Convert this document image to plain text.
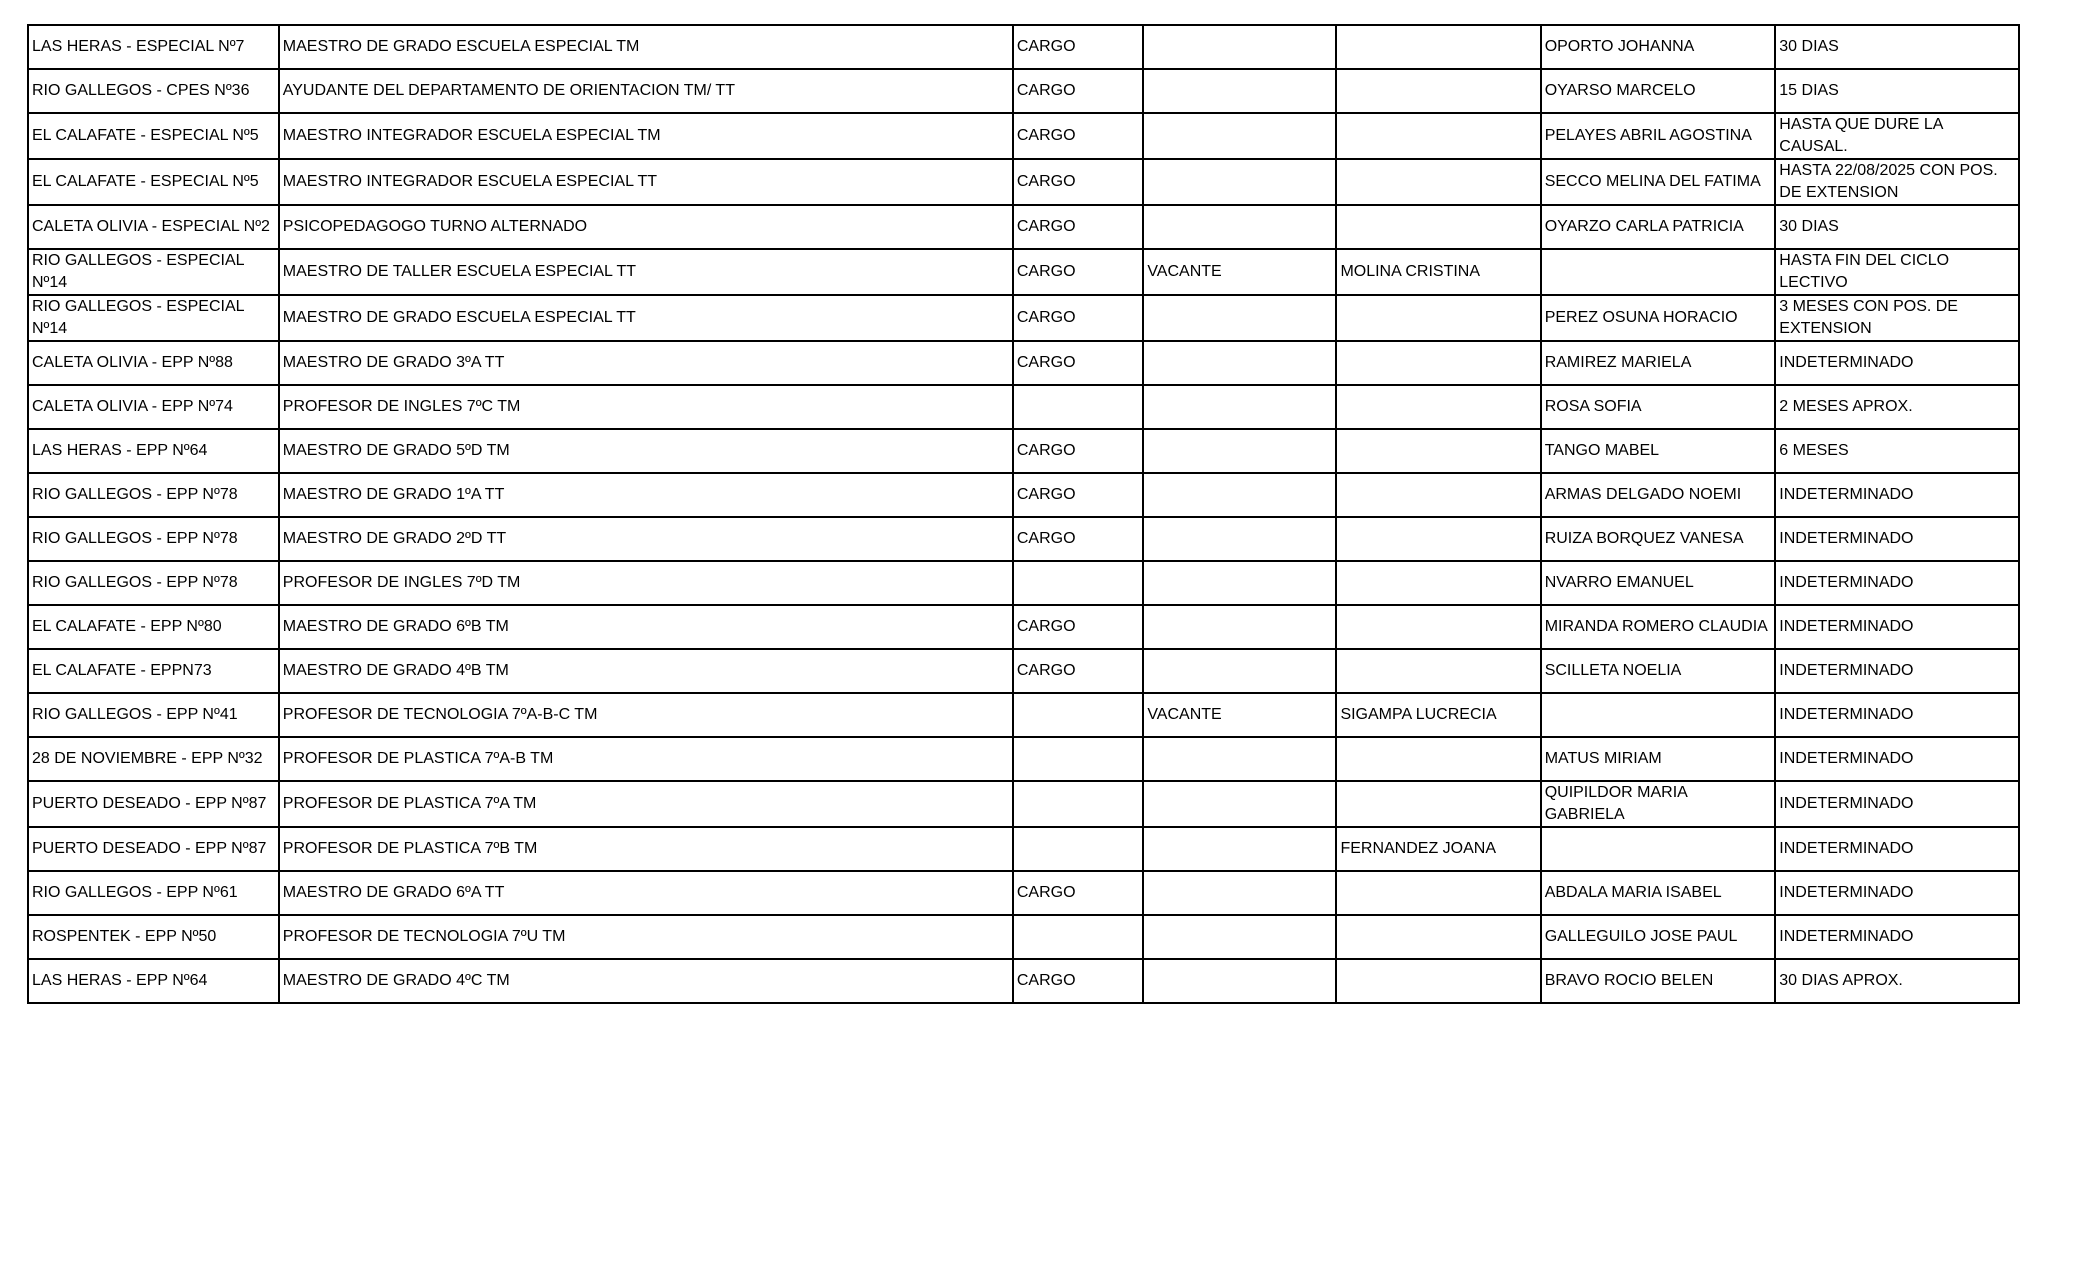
LAS HERAS - ESPECIAL Nº7	MAESTRO DE GRADO ESCUELA ESPECIAL TM	CARGO			OPORTO JOHANNA	30 DIAS
RIO GALLEGOS - CPES Nº36	AYUDANTE DEL DEPARTAMENTO DE ORIENTACION TM/ TT	CARGO			OYARSO MARCELO	15 DIAS
EL CALAFATE - ESPECIAL Nº5	MAESTRO INTEGRADOR ESCUELA ESPECIAL TM	CARGO			PELAYES ABRIL AGOSTINA	HASTA QUE DURE LA CAUSAL.
EL CALAFATE - ESPECIAL Nº5	MAESTRO INTEGRADOR ESCUELA ESPECIAL TT	CARGO			SECCO MELINA DEL FATIMA	HASTA 22/08/2025 CON POS. DE EXTENSION
CALETA OLIVIA - ESPECIAL Nº2	PSICOPEDAGOGO TURNO ALTERNADO	CARGO			OYARZO CARLA PATRICIA	30 DIAS
RIO GALLEGOS - ESPECIAL Nº14	MAESTRO DE TALLER ESCUELA ESPECIAL TT	CARGO	VACANTE	MOLINA CRISTINA		HASTA FIN DEL CICLO LECTIVO
RIO GALLEGOS - ESPECIAL Nº14	MAESTRO DE GRADO ESCUELA ESPECIAL TT	CARGO			PEREZ OSUNA HORACIO	3 MESES CON POS. DE EXTENSION
CALETA OLIVIA - EPP Nº88	MAESTRO DE GRADO 3ºA TT	CARGO			RAMIREZ MARIELA	INDETERMINADO
CALETA OLIVIA - EPP Nº74	PROFESOR DE INGLES 7ºC TM				ROSA SOFIA	2 MESES APROX.
LAS HERAS - EPP Nº64	MAESTRO DE GRADO 5ºD TM	CARGO			TANGO MABEL	6 MESES
RIO GALLEGOS - EPP Nº78	MAESTRO DE GRADO 1ºA TT	CARGO			ARMAS DELGADO NOEMI	INDETERMINADO
RIO GALLEGOS - EPP Nº78	MAESTRO DE GRADO 2ºD TT	CARGO			RUIZA BORQUEZ VANESA	INDETERMINADO
RIO GALLEGOS - EPP Nº78	PROFESOR DE INGLES 7ºD TM				NVARRO EMANUEL	INDETERMINADO
EL CALAFATE - EPP Nº80	MAESTRO DE GRADO 6ºB TM	CARGO			MIRANDA ROMERO CLAUDIA	INDETERMINADO
EL CALAFATE - EPPN73	MAESTRO DE GRADO 4ºB TM	CARGO			SCILLETA NOELIA	INDETERMINADO
RIO GALLEGOS - EPP Nº41	PROFESOR DE TECNOLOGIA 7ºA-B-C TM		VACANTE	SIGAMPA LUCRECIA		INDETERMINADO
28 DE NOVIEMBRE - EPP Nº32	PROFESOR DE PLASTICA 7ºA-B TM				MATUS MIRIAM	INDETERMINADO
PUERTO DESEADO - EPP Nº87	PROFESOR DE PLASTICA 7ºA TM				QUIPILDOR MARIA GABRIELA	INDETERMINADO
PUERTO DESEADO - EPP Nº87	PROFESOR DE PLASTICA 7ºB TM			FERNANDEZ JOANA		INDETERMINADO
RIO GALLEGOS - EPP Nº61	MAESTRO DE GRADO 6ºA TT	CARGO			ABDALA MARIA ISABEL	INDETERMINADO
ROSPENTEK - EPP Nº50	PROFESOR DE TECNOLOGIA 7ºU TM				GALLEGUILO JOSE PAUL	INDETERMINADO
LAS HERAS - EPP Nº64	MAESTRO DE GRADO 4ºC TM	CARGO			BRAVO ROCIO BELEN	30 DIAS APROX.
